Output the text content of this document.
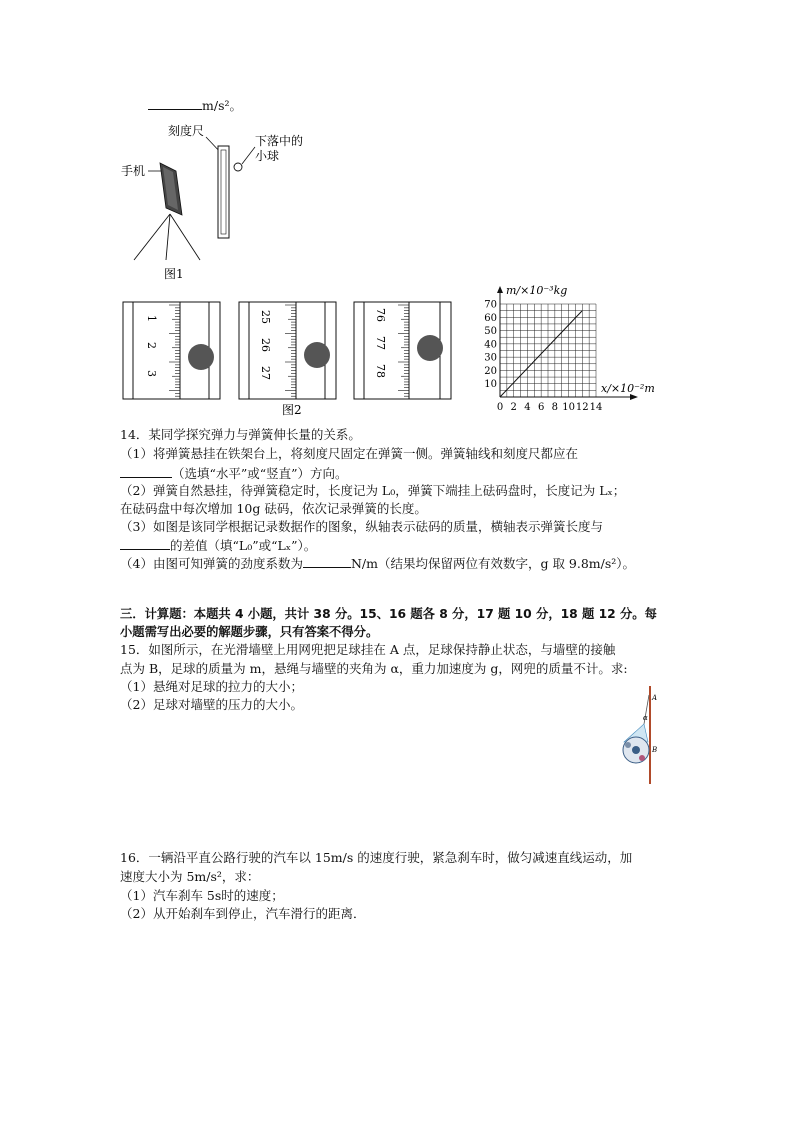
m/s²。
刻度尺
下落中的
小球
手机
图1
1
2
3
25
26
27
76
77
78
图2	0 2 4 6 8 10 12 14
10
20
30
40
50
60
70
m/×10⁻³kg
x/×10⁻²m
14．某同学探究弹力与弹簧伸长量的关系。
（1）将弹簧悬挂在铁架台上，将刻度尺固定在弹簧一侧。弹簧轴线和刻度尺都应在
（选填“水平”或“竖直”）方向。
（2）弹簧自然悬挂，待弹簧稳定时，长度记为 L₀，弹簧下端挂上砝码盘时，长度记为 Lₓ；
在砝码盘中每次增加 10g 砝码，依次记录弹簧的长度。
（3）如图是该同学根据记录数据作的图象，纵轴表示砝码的质量，横轴表示弹簧长度与
的差值（填“L₀”或“Lₓ”）。
（4）由图可知弹簧的劲度系数为	N/m（结果均保留两位有效数字，g 取 9.8m/s²）。
三．计算题：本题共 4 小题，共计 38 分。15、16 题各 8 分，17 题 10 分，18 题 12 分。每
小题需写出必要的解题步骤，只有答案不得分。
15．如图所示，在光滑墙壁上用网兜把足球挂在 A 点，足球保持静止状态，与墙壁的接触
点为 B，足球的质量为 m，悬绳与墙壁的夹角为 α，重力加速度为 g，网兜的质量不计。求:
（1）悬绳对足球的拉力的大小；
（2）足球对墙壁的压力的大小。	A
α
B
16．一辆沿平直公路行驶的汽车以 15m/s 的速度行驶，紧急刹车时，做匀减速直线运动，加
速度大小为 5m/s²，求：
（1）汽车刹车 5s时的速度；
（2）从开始刹车到停止，汽车滑行的距离．
